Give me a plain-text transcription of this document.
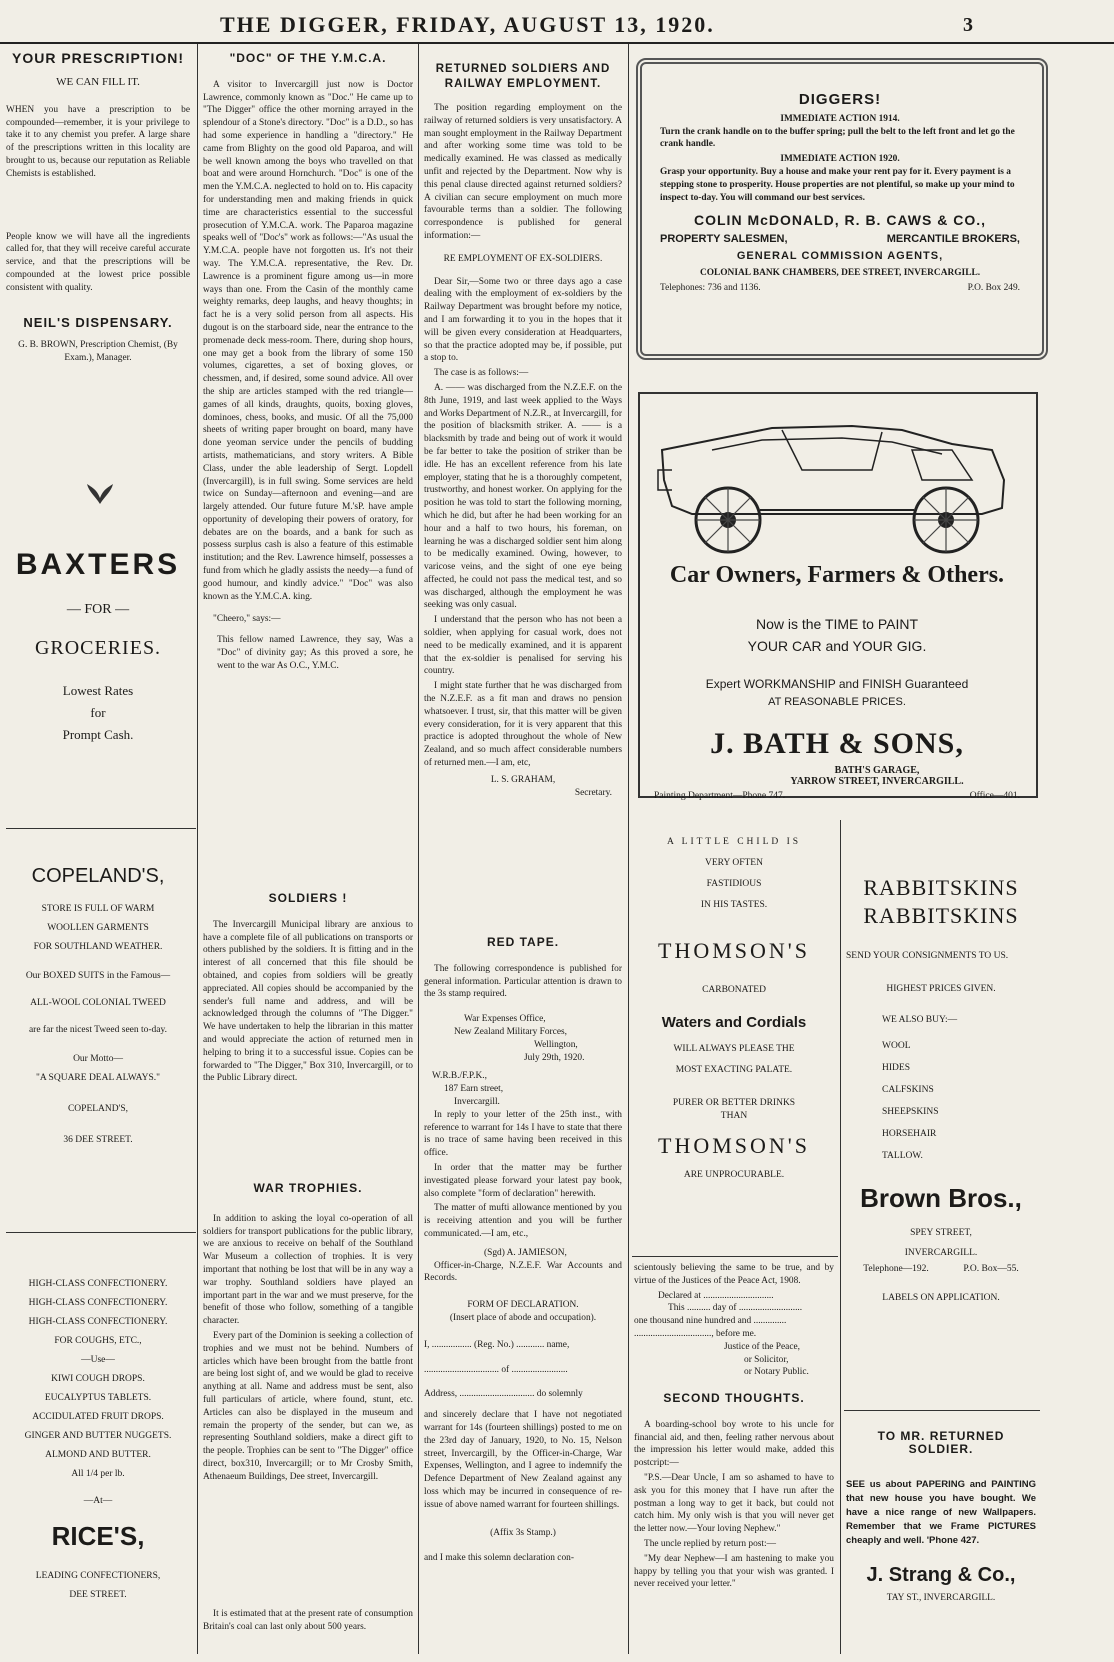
THE DIGGER, FRIDAY, AUGUST 13, 1920.	3
YOUR PRESCRIPTION!
WE CAN FILL IT.

WHEN you have a prescription to be compounded—remember, it is your privilege to take it to any chemist you prefer. A large share of the prescriptions written in this locality are brought to us, because our reputation as Reliable Chemists is established.

People know we will have all the ingredients called for, that they will receive careful accurate service, and that the prescriptions will be compounded at the lowest price possible consistent with quality.

NEIL'S DISPENSARY.

G. B. BROWN, Prescription Chemist, (By Exam.), Manager.

BAXTERS
— FOR —
GROCERIES.
Lowest Rates
for
Prompt Cash.
COPELAND'S,
STORE IS FULL OF WARM
WOOLLEN GARMENTS
FOR SOUTHLAND WEATHER.
Our BOXED SUITS in the Famous—
ALL-WOOL COLONIAL TWEED
are far the nicest Tweed seen to-day.
Our Motto—
"A SQUARE DEAL ALWAYS."
COPELAND'S,
36 DEE STREET.
HIGH-CLASS CONFECTIONERY.
HIGH-CLASS CONFECTIONERY.
HIGH-CLASS CONFECTIONERY.
FOR COUGHS, ETC.,
—Use—
KIWI COUGH DROPS.
EUCALYPTUS TABLETS.
ACCIDULATED FRUIT DROPS.
GINGER AND BUTTER NUGGETS.
ALMOND AND BUTTER.
All 1/4 per lb.
—At—
RICE'S,
LEADING CONFECTIONERS,
DEE STREET.
"DOC" OF THE Y.M.C.A.

A visitor to Invercargill just now is Doctor Lawrence, commonly known as "Doc." He came up to "The Digger" office the other morning arrayed in the splendour of a Stone's directory. "Doc" is a D.D., so has had some experience in handling a "directory." He came from Blighty on the good old Paparoa, and will be well known among the boys who travelled on that boat and were around Hornchurch. "Doc" is one of the men the Y.M.C.A. neglected to hold on to. His capacity for understanding men and making friends in quick time are characteristics essential to the successful prosecution of Y.M.C.A. work. The Paparoa magazine speaks well of "Doc's" work as follows:—"As usual the Y.M.C.A. people have not forgotten us. It's not their way. The Y.M.C.A. representative, the Rev. Dr. Lawrence is a prominent figure among us—in more ways than one. From the Casin of the monthly came weighty remarks, deep laughs, and heavy thoughts; in fact he is a very solid person from all aspects. His dugout is on the starboard side, near the entrance to the promenade deck mess-room. There, during shop hours, one may get a book from the library of some 150 volumes, cigarettes, a set of boxing gloves, or chessmen, and, if desired, some sound advice. All over the ship are articles stamped with the red triangle—games of all kinds, draughts, quoits, boxing gloves, dominoes, chess, books, and music. Of all the 75,000 sheets of writing paper brought on board, many have done yeoman service under the pencils of budding artists, mathematicians, and story writers. A Bible Class, under the able leadership of Sergt. Lopdell (Invercargill), is in full swing. Some services are held twice on Sunday—afternoon and evening—and are largely attended. Our future future M.'sP. have ample opportunity of developing their powers of oratory, for debates are on the boards, and a bank for such as possess surplus cash is also a feature of this estimable institution; and the Rev. Lawrence himself, possesses a fund from which he gladly assists the needy—a fund of good humour, and kindly advice." "Doc" was also known as the Y.M.C.A. king.

"Cheero," says:—

This fellow named Lawrence, they say, Was a "Doc" of divinity gay; As this proved a sore, he went to the war As O.C., Y.M.C.

SOLDIERS !

The Invercargill Municipal library are anxious to have a complete file of all publications on transports or others published by the soldiers. It is fitting and in the interest of all concerned that this file should be obtained, and copies from soldiers will be greatly appreciated. All copies should be accompanied by the sender's full name and address, and will be acknowledged through the columns of "The Digger." We have undertaken to help the librarian in this matter and would appreciate the action of returned men in helping to bring it to a successful issue. Copies can be forwarded to "The Digger," Box 310, Invercargill, or to the Public Library direct.

WAR TROPHIES.

In addition to asking the loyal co-operation of all soldiers for transport publications for the public library, we are anxious to receive on behalf of the Southland War Museum a collection of trophies. It is very important that nothing be lost that will be in any way a war trophy. Southland soldiers have played an important part in the war and we must preserve, for the benefit of those who follow, something of a tangible character.

Every part of the Dominion is seeking a collection of trophies and we must not be behind. Numbers of articles which have been brought from the battle front are being lost sight of, and we would be glad to receive anything at all. Name and address must be sent, also full particulars of article, where found, stunt, etc. Articles can also be displayed in the museum and remain the property of the sender, but can we, as representing Southland soldiers, make a direct gift to the people. Trophies can be sent to "The Digger" office direct, box310, Invercargill; or to Mr Crosby Smith, Athenaeum Buildings, Dee street, Invercargill.

It is estimated that at the present rate of consumption Britain's coal can last only about 500 years.

RETURNED SOLDIERS AND RAILWAY EMPLOYMENT.

The position regarding employment on the railway of returned soldiers is very unsatisfactory. A man sought employment in the Railway Department and after working some time was told to be medically examined. He was classed as medically unfit and rejected by the Department. Now why is this penal clause directed against returned soldiers? A civilian can secure employment on much more favourable terms than a soldier. The following correspondence is published for general information:—

RE EMPLOYMENT OF EX-SOLDIERS.

Dear Sir,—Some two or three days ago a case dealing with the employment of ex-soldiers by the Railway Department was brought before my notice, and I am forwarding it to you in the hopes that it will be given every consideration at Headquarters, so that the practice adopted may be, if possible, put a stop to.

The case is as follows:—

A. —— was discharged from the N.Z.E.F. on the 8th June, 1919, and last week applied to the Ways and Works Department of N.Z.R., at Invercargill, for the position of blacksmith striker. A. —— is a blacksmith by trade and being out of work it would be far better to take the position of striker than be idle. He has an excellent reference from his late employer, stating that he is a thoroughly competent, trustworthy, and honest worker. On applying for the position he was told to start the following morning, which he did, but after he had been working for an hour and a half to two hours, his foreman, on learning he was a discharged soldier sent him along to be medically examined. Owing, however, to varicose veins, and the sight of one eye being affected, he could not pass the medical test, and so was discharged, although the employment he was seeking was only casual.

I understand that the person who has not been a soldier, when applying for casual work, does not need to be medically examined, and it is apparent that the ex-soldier is penalised for serving his country.

I might state further that he was discharged from the N.Z.E.F. as a fit man and draws no pension whatsoever. I trust, sir, that this matter will be given every consideration, for it is very apparent that this practice is adopted throughout the whole of New Zealand, and so much affect considerable numbers of returned men.—I am, etc,

L. S. GRAHAM,
Secretary.
RED TAPE.

The following correspondence is published for general information. Particular attention is drawn to the 3s stamp required.

War Expenses Office,
New Zealand Military Forces,
Wellington,
July 29th, 1920.
W.R.B./F.P.K.,
187 Earn street,
Invercargill.

In reply to your letter of the 25th inst., with reference to warrant for 14s I have to state that there is no trace of same having been received in this office.

In order that the matter may be further investigated please forward your latest pay book, also complete "form of declaration" herewith.

The matter of mufti allowance mentioned by you is receiving attention and you will be further communicated.—I am, etc.,

(Sgd) A. JAMIESON,

Officer-in-Charge, N.Z.E.F. War Accounts and Records.

FORM OF DECLARATION.
(Insert place of abode and occupation).
I, ................. (Reg. No.) ............ name,
................................ of ........................
Address, ................................ do solemnly

and sincerely declare that I have not negotiated warrant for 14s (fourteen shillings) posted to me on the 23rd day of January, 1920, to No. 15, Nelson street, Invercargill, by the Officer-in-Charge, War Expenses, Wellington, and I agree to indemnify the Defence Department of New Zealand against any loss which may be incurred in consequence of re-issue of above named warrant for fourteen shillings.

(Affix 3s Stamp.)
and I make this solemn declaration con-
DIGGERS!
IMMEDIATE ACTION 1914.

Turn the crank handle on to the buffer spring; pull the belt to the left front and let go the crank handle.

IMMEDIATE ACTION 1920.

Grasp your opportunity. Buy a house and make your rent pay for it. Every payment is a stepping stone to prosperity. House properties are not plentiful, so make up your mind to inspect to-day. You will command our best services.

COLIN McDONALD, R. B. CAWS & CO.,
PROPERTY SALESMEN,	MERCANTILE BROKERS,
GENERAL COMMISSION AGENTS,
COLONIAL BANK CHAMBERS, DEE STREET, INVERCARGILL.
Telephones: 736 and 1136.	P.O. Box 249.
Car Owners, Farmers & Others.
Now is the TIME to PAINT
YOUR CAR and YOUR GIG.
Expert WORKMANSHIP and FINISH Guaranteed
AT REASONABLE PRICES.
J. BATH & SONS,
BATH'S GARAGE,
YARROW STREET, INVERCARGILL.
Painting Department—Phone 747.	Office—401.
A LITTLE CHILD IS
VERY OFTEN
FASTIDIOUS
IN HIS TASTES.
THOMSON'S
CARBONATED
Waters and Cordials
WILL ALWAYS PLEASE THE
MOST EXACTING PALATE.
PURER OR BETTER DRINKS
THAN
THOMSON'S
ARE UNPROCURABLE.

scientously believing the same to be true, and by virtue of the Justices of the Peace Act, 1908.

Declared at ..............................
This .......... day of ...........................
one thousand nine hundred and ..............
................................., before me.
Justice of the Peace,
or Solicitor,
or Notary Public.
SECOND THOUGHTS.

A boarding-school boy wrote to his uncle for financial aid, and then, feeling rather nervous about the impression his letter would make, added this postcript:—

"P.S.—Dear Uncle, I am so ashamed to have to ask you for this money that I have run after the postman a long way to get it back, but could not catch him. My only wish is that you will never get the letter now.—Your loving Nephew."

The uncle replied by return post:—

"My dear Nephew—I am hastening to make you happy by telling you that your wish was granted. I never received your letter."

RABBITSKINS
RABBITSKINS
SEND YOUR CONSIGNMENTS TO US.
HIGHEST PRICES GIVEN.
WE ALSO BUY:—
WOOL
HIDES
CALFSKINS
SHEEPSKINS
HORSEHAIR
TALLOW.
Brown Bros.,
SPEY STREET,
INVERCARGILL.
Telephone—192.	P.O. Box—55.
LABELS ON APPLICATION.
TO MR. RETURNED SOLDIER.

SEE us about PAPERING and PAINTING that new house you have bought. We have a nice range of new Wallpapers. Remember that we Frame PICTURES cheaply and well. 'Phone 427.

J. Strang & Co.,
TAY ST., INVERCARGILL.
